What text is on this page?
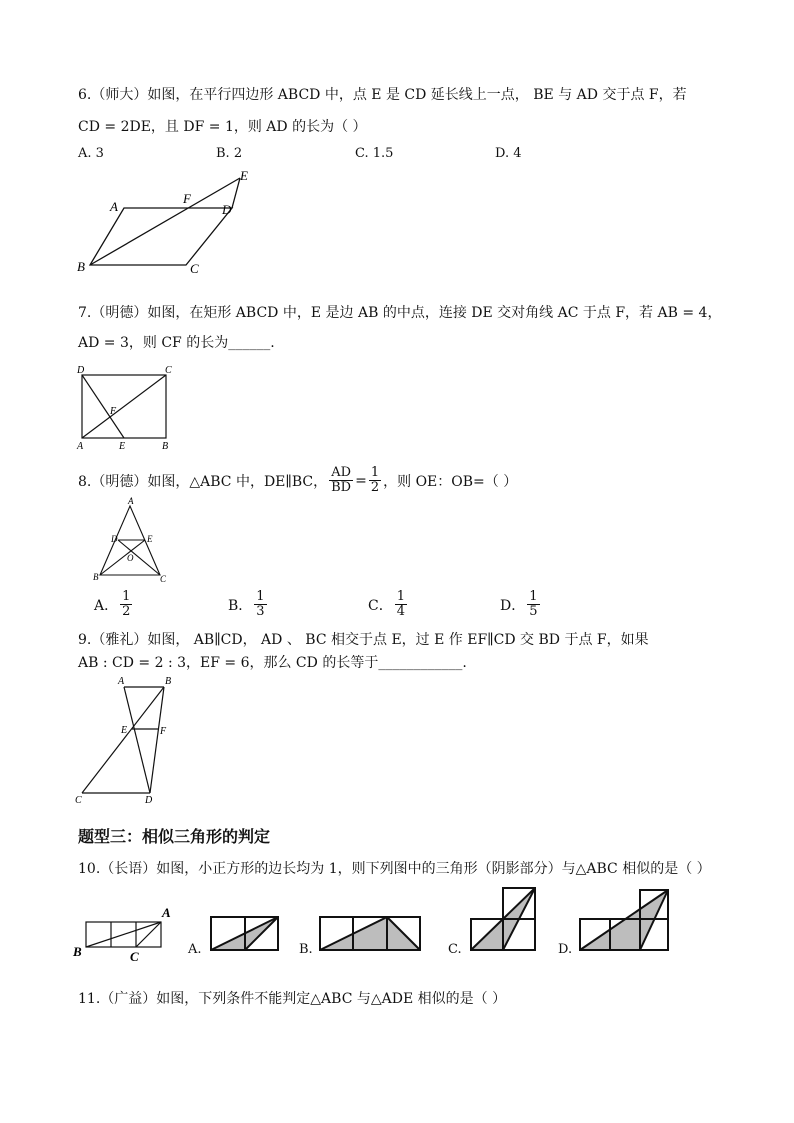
6.（师大）如图，在平行四边形 ABCD 中，点 E 是 CD 延长线上一点， BE 与 AD 交于点 F，若
CD = 2DE，且 DF = 1，则 AD 的长为（ ）
A. 3	B. 2	C. 1.5	D. 4
A
B	C
D
E
F
7.（明德）如图，在矩形 ABCD 中，E 是边 AB 的中点，连接 DE 交对角线 AC 于点 F，若 AB = 4，
AD = 3，则 CF 的长为______.
D	C
A	E	B
F
8.（明德）如图，△ABC 中，DE∥BC， $\frac{AD}{BD} = \frac{1}{2}$ ，则 OE：OB=（ ）
A
D	E
O
B	C
A． $\frac{1}{2}$	B． $\frac{1}{3}$	C． $\frac{1}{4}$	D． $\frac{1}{5}$
9.（雅礼）如图， AB∥CD， AD 、 BC 相交于点 E，过 E 作 EF∥CD 交 BD 于点 F，如果
AB : CD = 2 : 3，EF = 6，那么 CD 的长等于____________.
A	B
E	F
C	D
题型三：相似三角形的判定
10.（长语）如图，小正方形的边长均为 1，则下列图中的三角形（阴影部分）与△ABC 相似的是（ ）
A
B	C	A.	B.	C.	D.
11.（广益）如图，下列条件不能判定△ABC 与△ADE 相似的是（ ）
